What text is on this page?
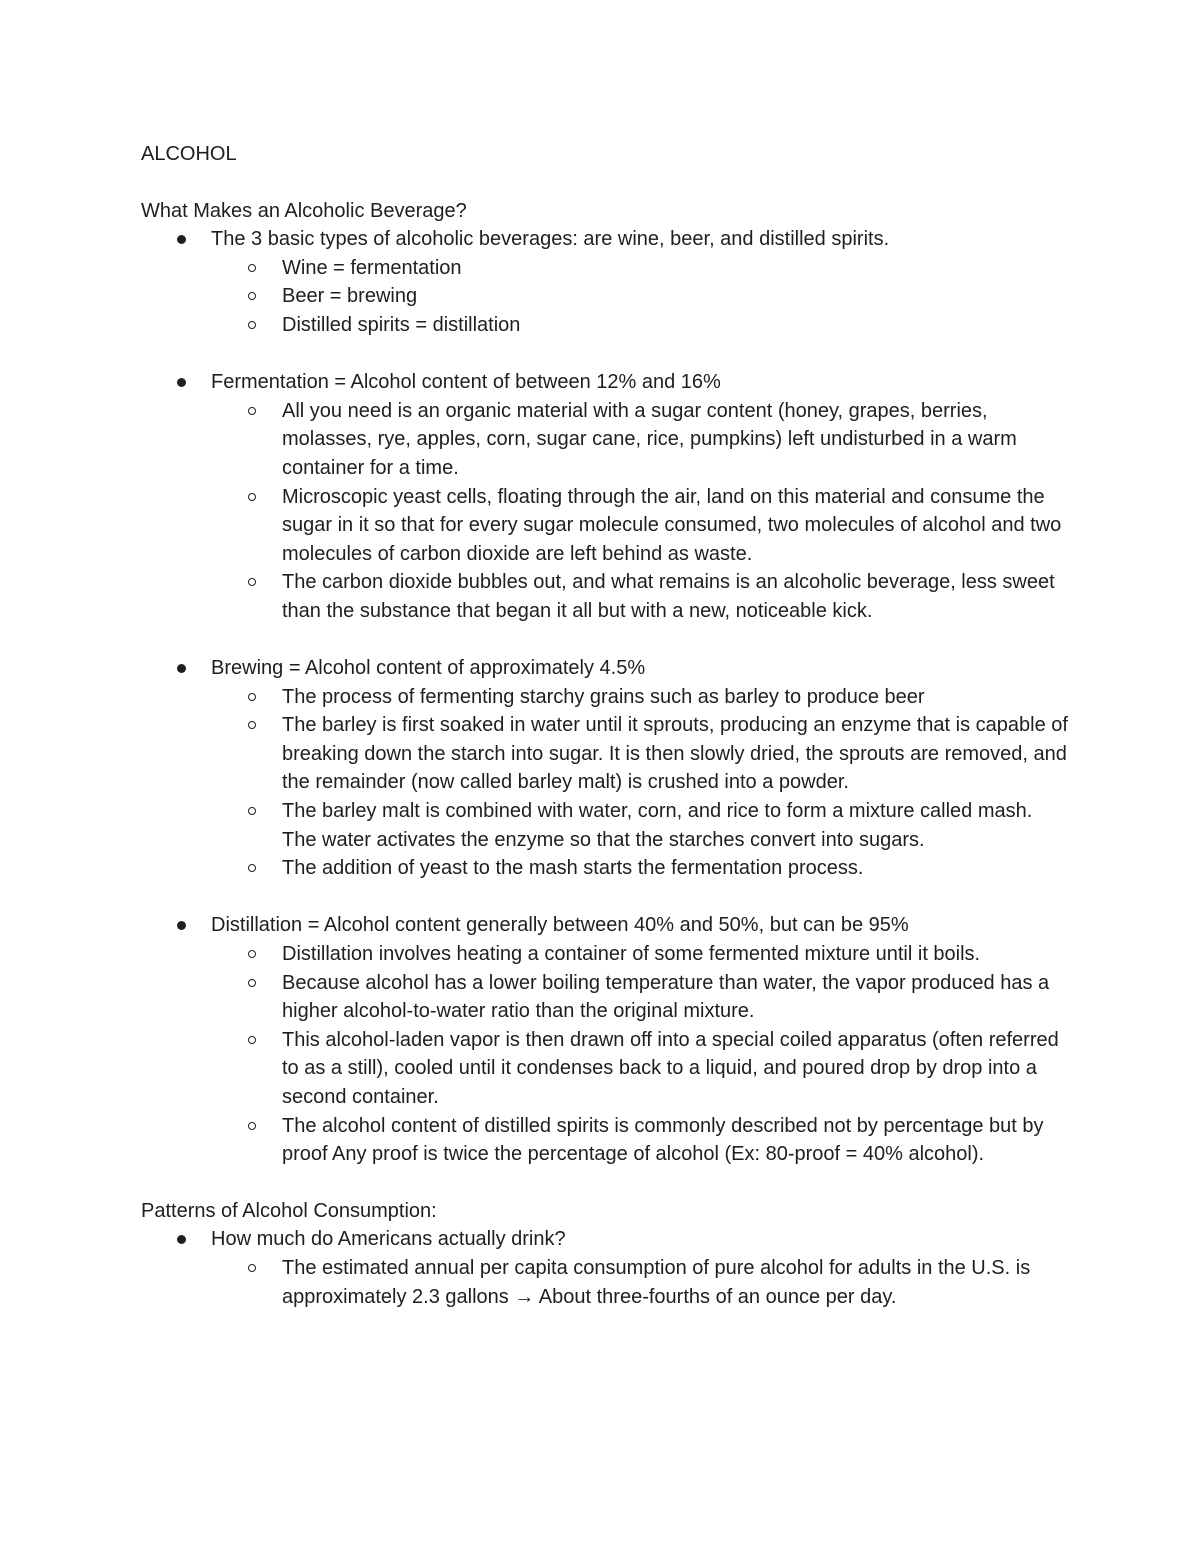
ALCOHOL

What Makes an Alcoholic Beverage?

The 3 basic types of alcoholic beverages: are wine, beer, and distilled spirits.
Wine = fermentation
Beer = brewing
Distilled spirits = distillation
Fermentation = Alcohol content of between 12% and 16%
All you need is an organic material with a sugar content (honey, grapes, berries, molasses, rye, apples, corn, sugar cane, rice, pumpkins) left undisturbed in a warm container for a time.
Microscopic yeast cells, floating through the air, land on this material and consume the sugar in it so that for every sugar molecule consumed, two molecules of alcohol and two molecules of carbon dioxide are left behind as waste.
The carbon dioxide bubbles out, and what remains is an alcoholic beverage, less sweet than the substance that began it all but with a new, noticeable kick.
Brewing = Alcohol content of approximately 4.5%
The process of fermenting starchy grains such as barley to produce beer
The barley is first soaked in water until it sprouts, producing an enzyme that is capable of breaking down the starch into sugar. It is then slowly dried, the sprouts are removed, and the remainder (now called barley malt) is crushed into a powder.
The barley malt is combined with water, corn, and rice to form a mixture called mash. The water activates the enzyme so that the starches convert into sugars.
The addition of yeast to the mash starts the fermentation process.
Distillation = Alcohol content generally between 40% and 50%, but can be 95%
Distillation involves heating a container of some fermented mixture until it boils.
Because alcohol has a lower boiling temperature than water, the vapor produced has a higher alcohol-to-water ratio than the original mixture.
This alcohol-laden vapor is then drawn off into a special coiled apparatus (often referred to as a still), cooled until it condenses back to a liquid, and poured drop by drop into a second container.
The alcohol content of distilled spirits is commonly described not by percentage but by proof Any proof is twice the percentage of alcohol (Ex: 80-proof = 40% alcohol).

Patterns of Alcohol Consumption:

How much do Americans actually drink?
The estimated annual per capita consumption of pure alcohol for adults in the U.S. is approximately 2.3 gallons → About three-fourths of an ounce per day.
